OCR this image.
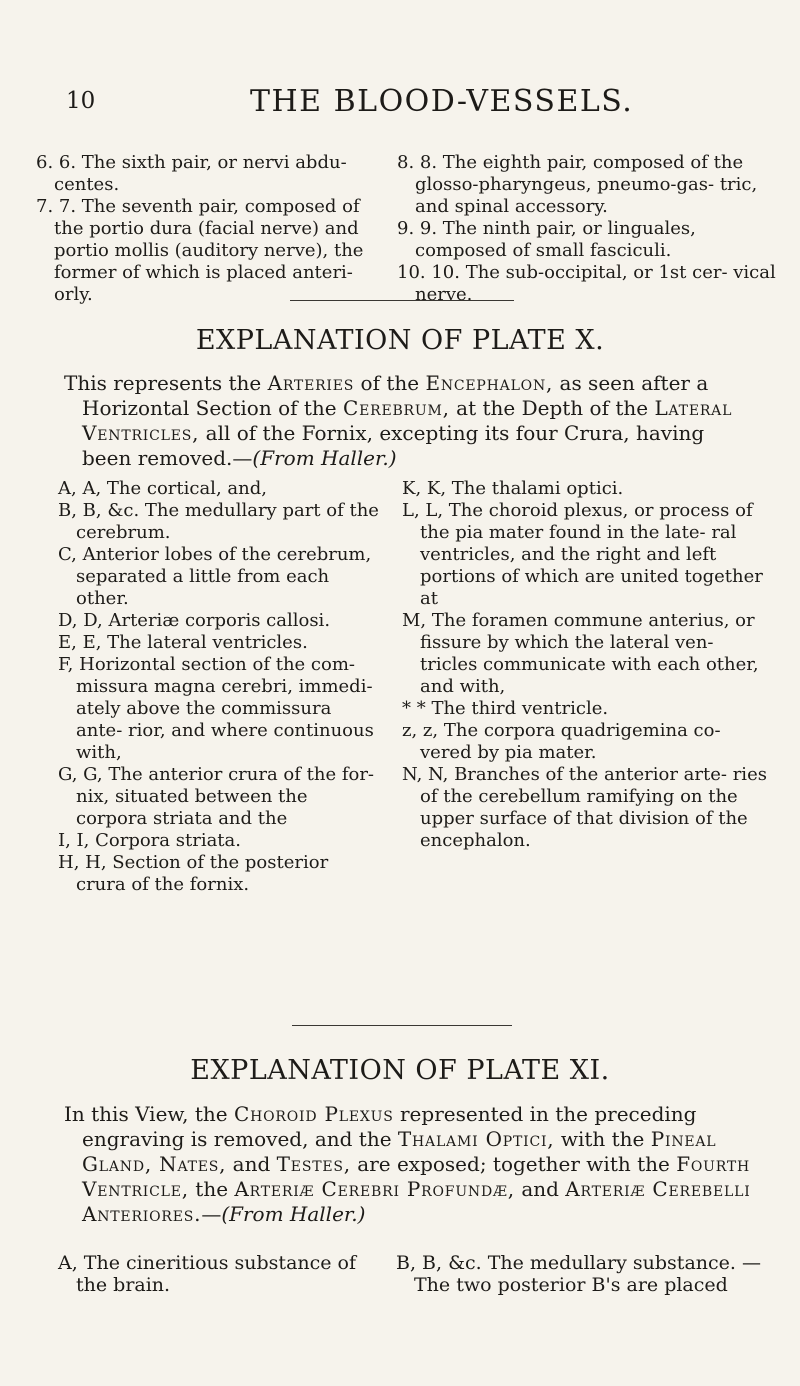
10	THE BLOOD-VESSELS.

6. 6. The sixth pair, or nervi abdu- centes.

7. 7. The seventh pair, composed of the portio dura (facial nerve) and portio mollis (auditory nerve), the former of which is placed anteri- orly.

8. 8. The eighth pair, composed of the glosso-pharyngeus, pneumo-gas- tric, and spinal accessory.

9. 9. The ninth pair, or linguales, composed of small fasciculi.

10. 10. The sub-occipital, or 1st cer- vical nerve.

EXPLANATION OF PLATE X.

This represents the Arteries of the Encephalon, as seen after a Horizontal Section of the Cerebrum, at the Depth of the Lateral Ventricles, all of the Fornix, excepting its four Crura, having been removed.—(From Haller.)

A, A, The cortical, and,

B, B, &c. The medullary part of the cerebrum.

C, Anterior lobes of the cerebrum, separated a little from each other.

D, D, Arteriæ corporis callosi.

E, E, The lateral ventricles.

F, Horizontal section of the com- missura magna cerebri, immedi- ately above the commissura ante- rior, and where continuous with,

G, G, The anterior crura of the for- nix, situated between the corpora striata and the

I, I, Corpora striata.

H, H, Section of the posterior crura of the fornix.

K, K, The thalami optici.

L, L, The choroid plexus, or process of the pia mater found in the late- ral ventricles, and the right and left portions of which are united together at

M, The foramen commune anterius, or fissure by which the lateral ven- tricles communicate with each other, and with,

* * The third ventricle.

z, z, The corpora quadrigemina co- vered by pia mater.

N, N, Branches of the anterior arte- ries of the cerebellum ramifying on the upper surface of that division of the encephalon.

EXPLANATION OF PLATE XI.

In this View, the Choroid Plexus represented in the preceding engraving is removed, and the Thalami Optici, with the Pineal Gland, Nates, and Testes, are exposed; together with the Fourth Ventricle, the Arteriæ Cerebri Profundæ, and Arteriæ Cerebelli Anteriores.—(From Haller.)

A, The cineritious substance of the brain.

B, B, &c. The medullary substance. —The two posterior B's are placed
